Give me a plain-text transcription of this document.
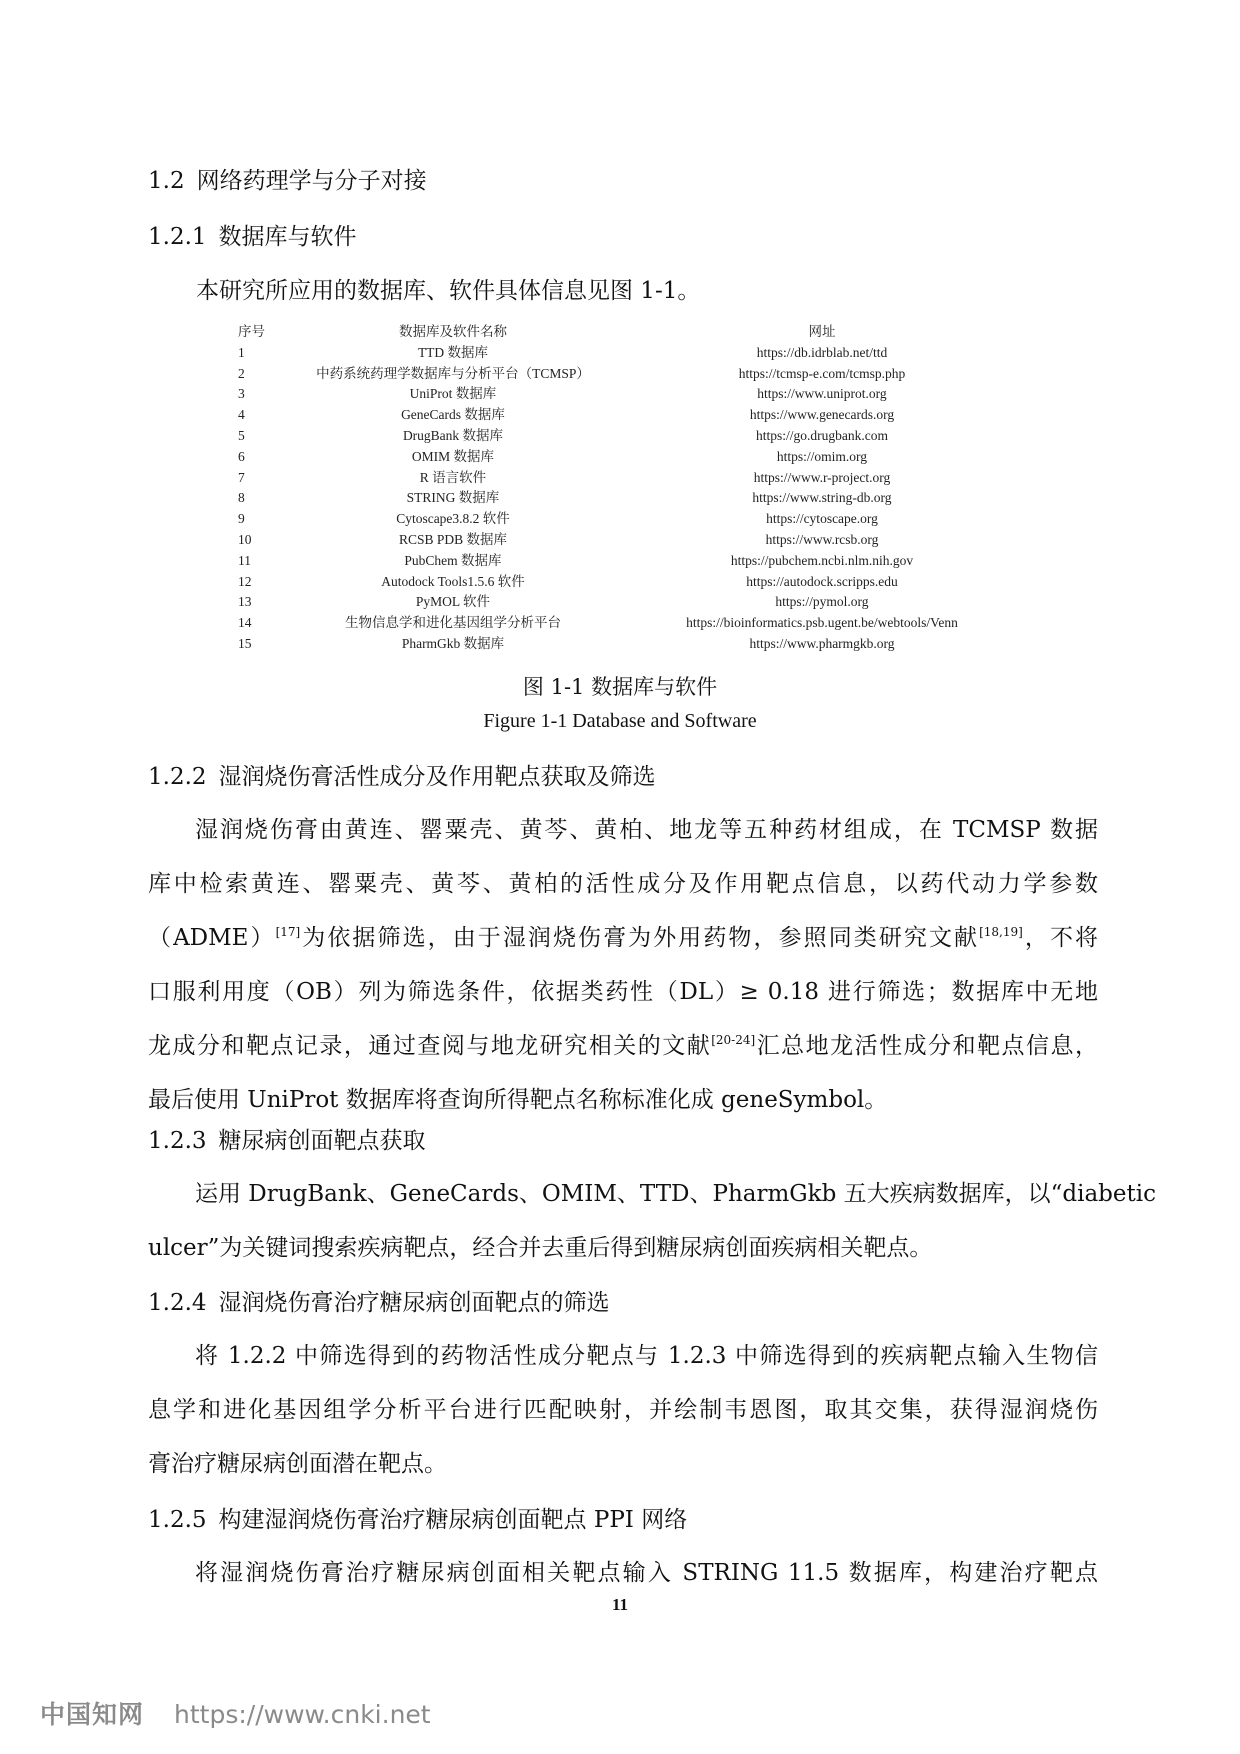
1.2 网络药理学与分子对接
1.2.1 数据库与软件
本研究所应用的数据库、软件具体信息见图 1-1。
序号	数据库及软件名称	网址
1	TTD 数据库	https://db.idrblab.net/ttd
2	中药系统药理学数据库与分析平台（TCMSP）	https://tcmsp-e.com/tcmsp.php
3	UniProt 数据库	https://www.uniprot.org
4	GeneCards 数据库	https://www.genecards.org
5	DrugBank 数据库	https://go.drugbank.com
6	OMIM 数据库	https://omim.org
7	R 语言软件	https://www.r-project.org
8	STRING 数据库	https://www.string-db.org
9	Cytoscape3.8.2 软件	https://cytoscape.org
10	RCSB PDB 数据库	https://www.rcsb.org
11	PubChem 数据库	https://pubchem.ncbi.nlm.nih.gov
12	Autodock Tools1.5.6 软件	https://autodock.scripps.edu
13	PyMOL 软件	https://pymol.org
14	生物信息学和进化基因组学分析平台	https://bioinformatics.psb.ugent.be/webtools/Venn
15	PharmGkb 数据库	https://www.pharmgkb.org
图 1-1 数据库与软件
Figure 1-1 Database and Software
1.2.2 湿润烧伤膏活性成分及作用靶点获取及筛选
湿润烧伤膏由黄连、罂粟壳、黄芩、黄柏、地龙等五种药材组成，在 TCMSP 数据
库中检索黄连、罂粟壳、黄芩、黄柏的活性成分及作用靶点信息，以药代动力学参数
（ADME）[17]为依据筛选，由于湿润烧伤膏为外用药物，参照同类研究文献[18,19]，不将
口服利用度（OB）列为筛选条件，依据类药性（DL）≥ 0.18 进行筛选；数据库中无地
龙成分和靶点记录，通过查阅与地龙研究相关的文献[20-24]汇总地龙活性成分和靶点信息，
最后使用 UniProt 数据库将查询所得靶点名称标准化成 geneSymbol。
1.2.3 糖尿病创面靶点获取
运用 DrugBank、GeneCards、OMIM、TTD、PharmGkb 五大疾病数据库，以“diabetic
ulcer”为关键词搜索疾病靶点，经合并去重后得到糖尿病创面疾病相关靶点。
1.2.4 湿润烧伤膏治疗糖尿病创面靶点的筛选
将 1.2.2 中筛选得到的药物活性成分靶点与 1.2.3 中筛选得到的疾病靶点输入生物信
息学和进化基因组学分析平台进行匹配映射，并绘制韦恩图，取其交集，获得湿润烧伤
膏治疗糖尿病创面潜在靶点。
1.2.5 构建湿润烧伤膏治疗糖尿病创面靶点 PPI 网络
将湿润烧伤膏治疗糖尿病创面相关靶点输入 STRING 11.5 数据库，构建治疗靶点
11
中国知网 https://www.cnki.net
